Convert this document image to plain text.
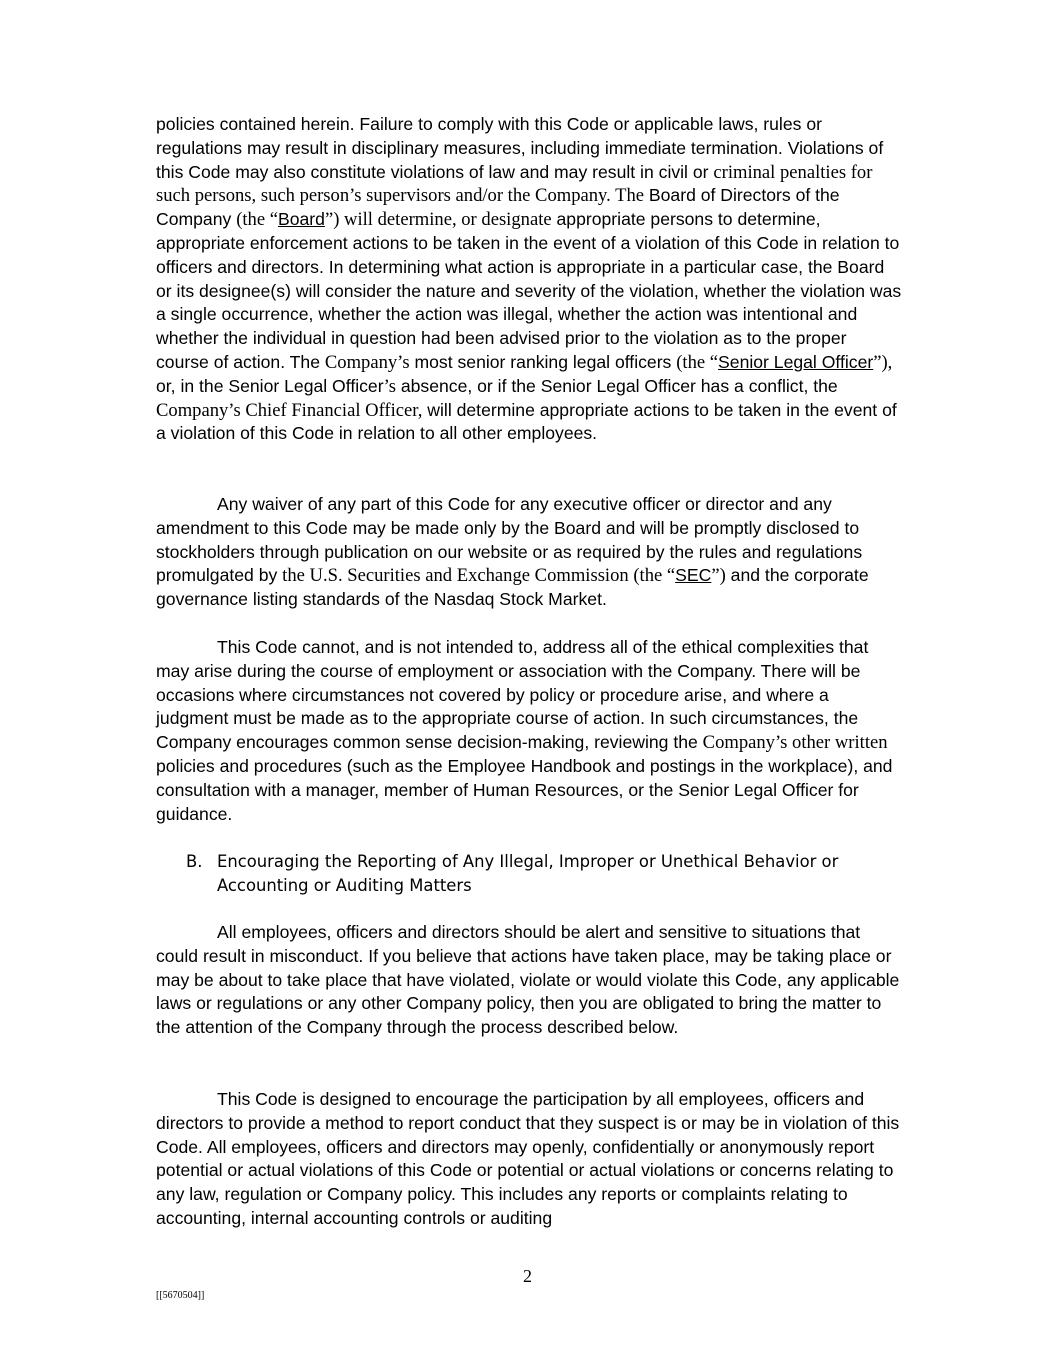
policies contained herein. Failure to comply with this Code or applicable laws, rules or regulations may result in disciplinary measures, including immediate termination. Violations of this Code may also constitute violations of law and may result in civil or criminal penalties for such persons, such person’s supervisors and/or the Company. The Board of Directors of the Company (the “Board”) will determine, or designate appropriate persons to determine, appropriate enforcement actions to be taken in the event of a violation of this Code in relation to officers and directors. In determining what action is appropriate in a particular case, the Board or its designee(s) will consider the nature and severity of the violation, whether the violation was a single occurrence, whether the action was illegal, whether the action was intentional and whether the individual in question had been advised prior to the violation as to the proper course of action. The Company’s most senior ranking legal officers (the “Senior Legal Officer”), or, in the Senior Legal Officer’s absence, or if the Senior Legal Officer has a conflict, the Company’s Chief Financial Officer, will determine appropriate actions to be taken in the event of a violation of this Code in relation to all other employees.

Any waiver of any part of this Code for any executive officer or director and any amendment to this Code may be made only by the Board and will be promptly disclosed to stockholders through publication on our website or as required by the rules and regulations promulgated by the U.S. Securities and Exchange Commission (the “SEC”) and the corporate governance listing standards of the Nasdaq Stock Market.

This Code cannot, and is not intended to, address all of the ethical complexities that may arise during the course of employment or association with the Company. There will be occasions where circumstances not covered by policy or procedure arise, and where a judgment must be made as to the appropriate course of action. In such circumstances, the Company encourages common sense decision-making, reviewing the Company’s other written policies and procedures (such as the Employee Handbook and postings in the workplace), and consultation with a manager, member of Human Resources, or the Senior Legal Officer for guidance.

B. Encouraging the Reporting of Any Illegal, Improper or Unethical Behavior or Accounting or Auditing Matters

All employees, officers and directors should be alert and sensitive to situations that could result in misconduct. If you believe that actions have taken place, may be taking place or may be about to take place that have violated, violate or would violate this Code, any applicable laws or regulations or any other Company policy, then you are obligated to bring the matter to the attention of the Company through the process described below.

This Code is designed to encourage the participation by all employees, officers and directors to provide a method to report conduct that they suspect is or may be in violation of this Code. All employees, officers and directors may openly, confidentially or anonymously report potential or actual violations of this Code or potential or actual violations or concerns relating to any law, regulation or Company policy. This includes any reports or complaints relating to accounting, internal accounting controls or auditing

2
[[5670504]]
